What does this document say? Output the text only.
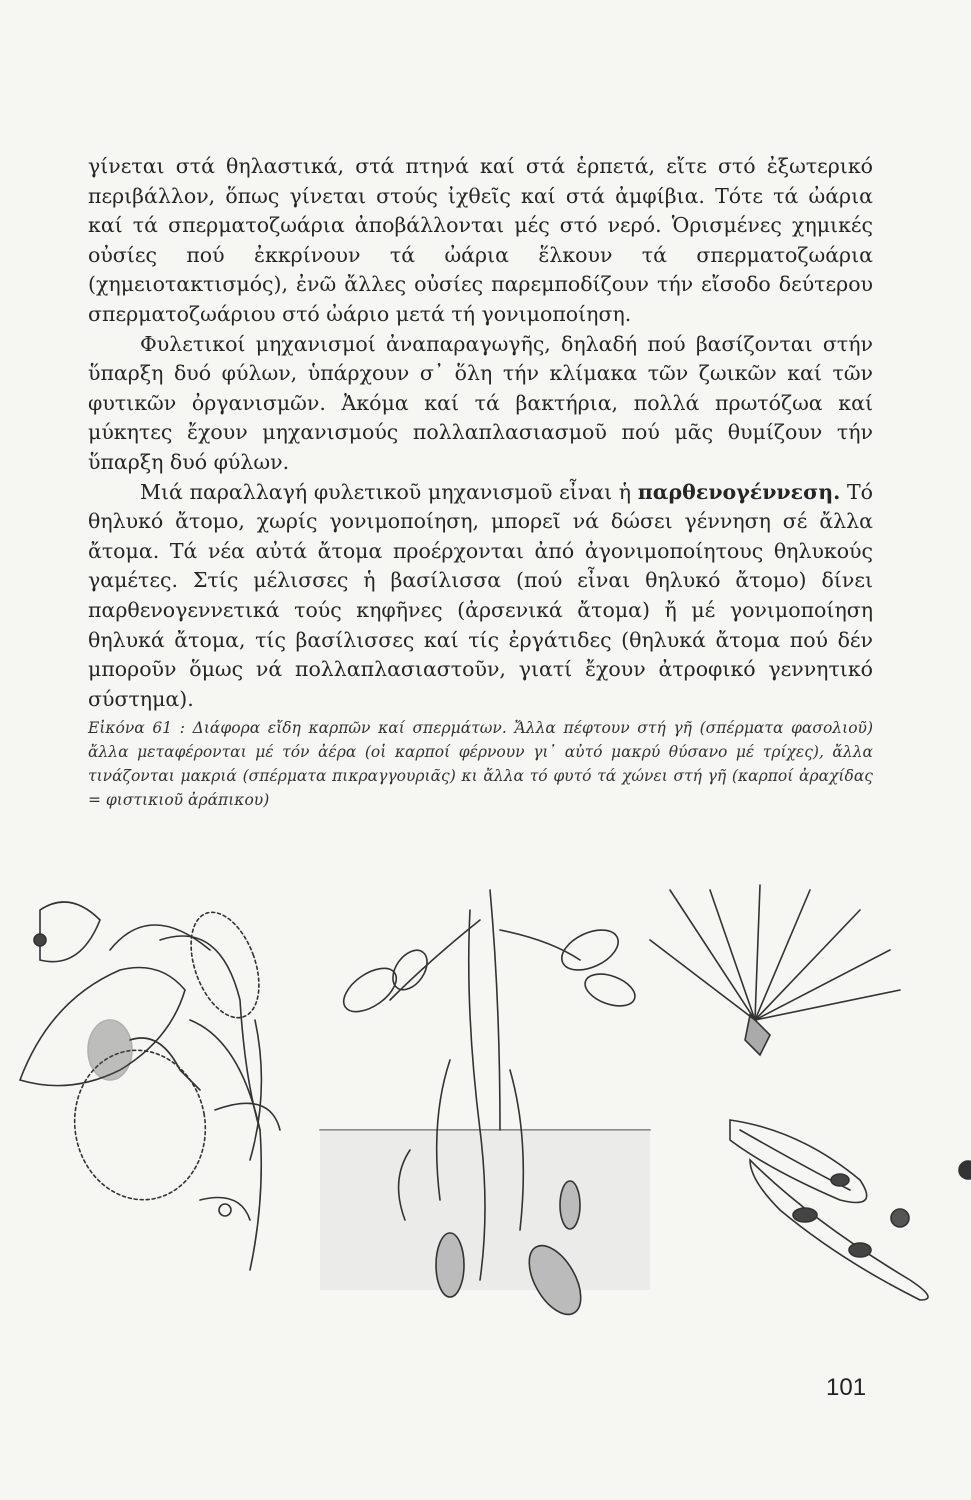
γίνεται στά θηλαστικά, στά πτηνά καί στά ἑρπετά, εἴτε στό ἐξωτερικό περιβάλλον, ὅπως γίνεται στούς ἰχθεῖς καί στά ἀμφίβια. Τότε τά ὠάρια καί τά σπερματοζωάρια ἀποβάλλονται μές στό νερό. Ὁρισμένες χημικές οὐσίες πού ἐκκρίνουν τά ὠάρια ἕλκουν τά σπερματοζωάρια (χημειοτακτισμός), ἐνῶ ἄλλες οὐσίες παρεμποδίζουν τήν εἴσοδο δεύτερου σπερματοζωάριου στό ὠάριο μετά τή γονιμοποίηση.

Φυλετικοί μηχανισμοί ἀναπαραγωγῆς, δηλαδή πού βασίζονται στήν ὕπαρξη δυό φύλων, ὑπάρχουν σ᾽ ὅλη τήν κλίμακα τῶν ζωικῶν καί τῶν φυτικῶν ὀργανισμῶν. Ἀκόμα καί τά βακτήρια, πολλά πρωτόζωα καί μύκητες ἔχουν μηχανισμούς πολλαπλασιασμοῦ πού μᾶς θυμίζουν τήν ὕπαρξη δυό φύλων.

Μιά παραλλαγή φυλετικοῦ μηχανισμοῦ εἶναι ἡ παρθενογέννεση. Τό θηλυκό ἄτομο, χωρίς γονιμοποίηση, μπορεῖ νά δώσει γέννηση σέ ἄλλα ἄτομα. Τά νέα αὐτά ἄτομα προέρχονται ἀπό ἀγονιμοποίητους θηλυκούς γαμέτες. Στίς μέλισσες ἡ βασίλισσα (πού εἶναι θηλυκό ἄτομο) δίνει παρθενογεννετικά τούς κηφῆνες (ἀρσενικά ἄτομα) ἤ μέ γονιμοποίηση θηλυκά ἄτομα, τίς βασίλισσες καί τίς ἐργάτιδες (θηλυκά ἄτομα πού δέν μποροῦν ὅμως νά πολλαπλασιαστοῦν, γιατί ἔχουν ἀτροφικό γεννητικό σύστημα).

Εἰκόνα 61 : Διάφορα εἴδη καρπῶν καί σπερμάτων. Ἄλλα πέφτουν στή γῆ (σπέρματα φασολιοῦ) ἄλλα μεταφέρονται μέ τόν ἀέρα (οἱ καρποί φέρνουν γι᾽ αὐτό μακρύ θύσανο μέ τρίχες), ἄλλα τινάζονται μακριά (σπέρματα πικραγγουριᾶς) κι ἄλλα τό φυτό τά χώνει στή γῆ (καρποί ἀραχίδας = φιστικιοῦ ἀράπικου)
101
